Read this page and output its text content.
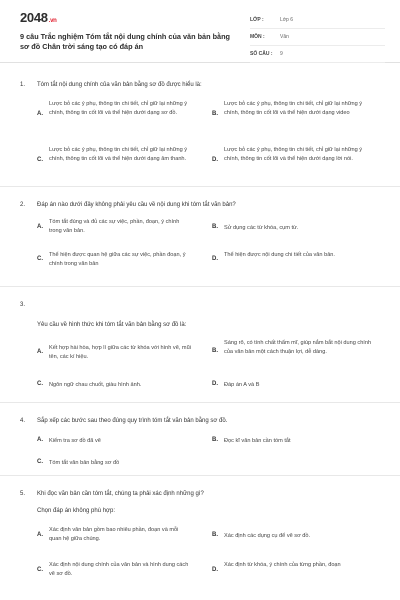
2048.vn
9 câu Trắc nghiệm Tóm tắt nội dung chính của văn bản bằng sơ đồ Chân trời sáng tạo có đáp án
LỚP :	Lớp 6
MÔN :	Văn
SỐ CÂU :	9
1. Tóm tắt nội dung chính của văn bản bằng sơ đồ được hiểu là:
A.
Lược bỏ các ý phụ, thông tin chi tiết, chỉ giữ lại những ý chính, thông tin cốt lõi và thể hiện dưới dạng sơ đồ.	B.
Lược bỏ các ý phụ, thông tin chi tiết, chỉ giữ lại những ý chính, thông tin cốt lõi và thể hiện dưới dạng video
C.
Lược bỏ các ý phụ, thông tin chi tiết, chỉ giữ lại những ý chính, thông tin cốt lõi và thể hiện dưới dạng âm thanh.	D.
Lược bỏ các ý phụ, thông tin chi tiết, chỉ giữ lại những ý chính, thông tin cốt lõi và thể hiện dưới dạng lời nói.
2. Đáp án nào dưới đây không phải yêu cầu về nội dung khi tóm tắt văn bản?
A.
Tóm tắt đúng và đủ các sự việc, phần, đoạn, ý chính trong văn bản.
B. Sử dụng các từ khóa, cụm từ.
C.
Thể hiện được quan hệ giữa các sự việc, phần đoạn, ý chính trong văn bản
D.
Thể hiện được nội dung chi tiết của văn bản.
3.
Yêu cầu về hình thức khi tóm tắt văn bản bằng sơ đồ là:
A.
Kết hợp hài hòa, hợp lí giữa các từ khóa với hình vẽ, mũi tên, các kí hiệu.
B.
Sáng rõ, có tính chất thẩm mĩ, giúp nắm bắt nội dung chính của văn bản một cách thuận lợi, dễ dàng.
C. Ngôn ngữ chau chuốt, giàu hình ảnh.	D. Đáp án A và B
4. Sắp xếp các bước sau theo đúng quy trình tóm tắt văn bản bằng sơ đồ.
A. Kiểm tra sơ đồ đã vẽ	B. Đọc kĩ văn bản cần tóm tắt
C. Tóm tắt văn bản bằng sơ đồ
5. Khi đọc văn bản cần tóm tắt, chúng ta phải xác định những gì?
Chọn đáp án không phù hợp:
A.
Xác định văn bản gồm bao nhiêu phần, đoạn và mỗi quan hệ giữa chúng.
B. Xác định các dụng cụ để vẽ sơ đồ.
C.
Xác định nội dung chính của văn bản và hình dung cách vẽ sơ đồ.
D.
Xác định từ khóa, ý chính của từng phần, đoạn
